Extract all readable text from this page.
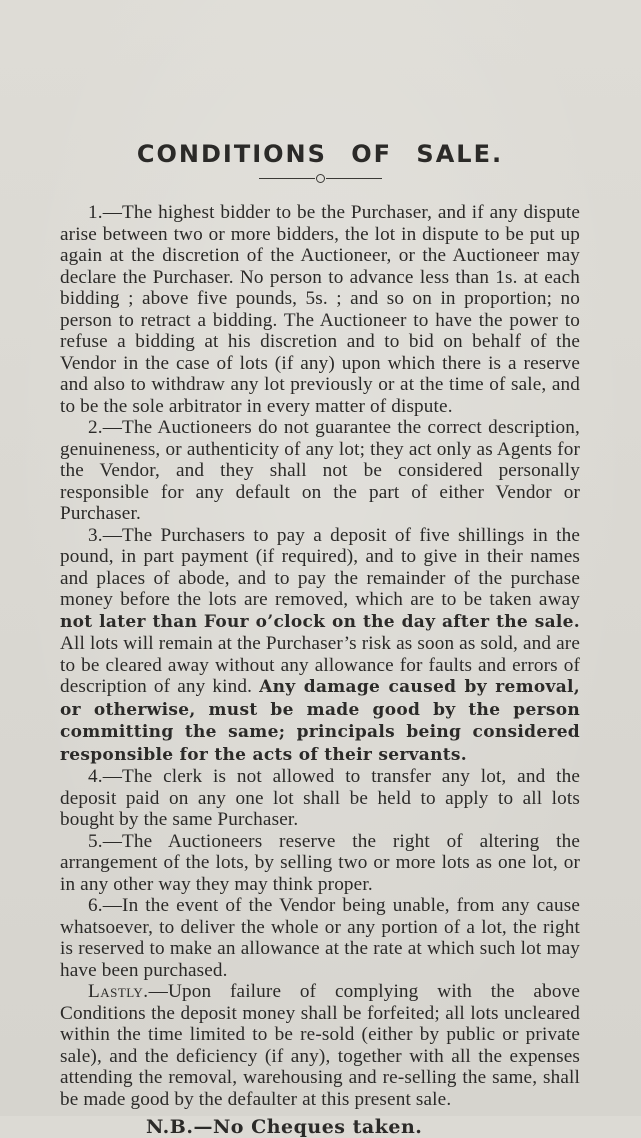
CONDITIONS OF SALE.

1.—The highest bidder to be the Purchaser, and if any dispute arise between two or more bidders, the lot in dispute to be put up again at the discretion of the Auctioneer, or the Auctioneer may declare the Purchaser. No person to advance less than 1s. at each bidding ; above five pounds, 5s. ; and so on in proportion; no person to retract a bidding. The Auctioneer to have the power to refuse a bidding at his discretion and to bid on behalf of the Vendor in the case of lots (if any) upon which there is a reserve and also to withdraw any lot previously or at the time of sale, and to be the sole arbitrator in every matter of dispute.

2.—The Auctioneers do not guarantee the correct description, genuineness, or authenticity of any lot; they act only as Agents for the Vendor, and they shall not be considered personally responsible for any default on the part of either Vendor or Purchaser.

3.—The Purchasers to pay a deposit of five shillings in the pound, in part payment (if required), and to give in their names and places of abode, and to pay the remainder of the purchase money before the lots are removed, which are to be taken away not later than Four o’clock on the day after the sale. All lots will remain at the Purchaser’s risk as soon as sold, and are to be cleared away without any allowance for faults and errors of description of any kind. Any damage caused by removal, or otherwise, must be made good by the person committing the same; principals being considered responsible for the acts of their servants.

4.—The clerk is not allowed to transfer any lot, and the deposit paid on any one lot shall be held to apply to all lots bought by the same Purchaser.

5.—The Auctioneers reserve the right of altering the arrangement of the lots, by selling two or more lots as one lot, or in any other way they may think proper.

6.—In the event of the Vendor being unable, from any cause whatsoever, to deliver the whole or any portion of a lot, the right is reserved to make an allowance at the rate at which such lot may have been purchased.

Lastly.—Upon failure of complying with the above Conditions the deposit money shall be forfeited; all lots uncleared within the time limited to be re-sold (either by public or private sale), and the deficiency (if any), together with all the expenses attending the removal, warehousing and re-selling the same, shall be made good by the defaulter at this present sale.

N.B.—No Cheques taken.
